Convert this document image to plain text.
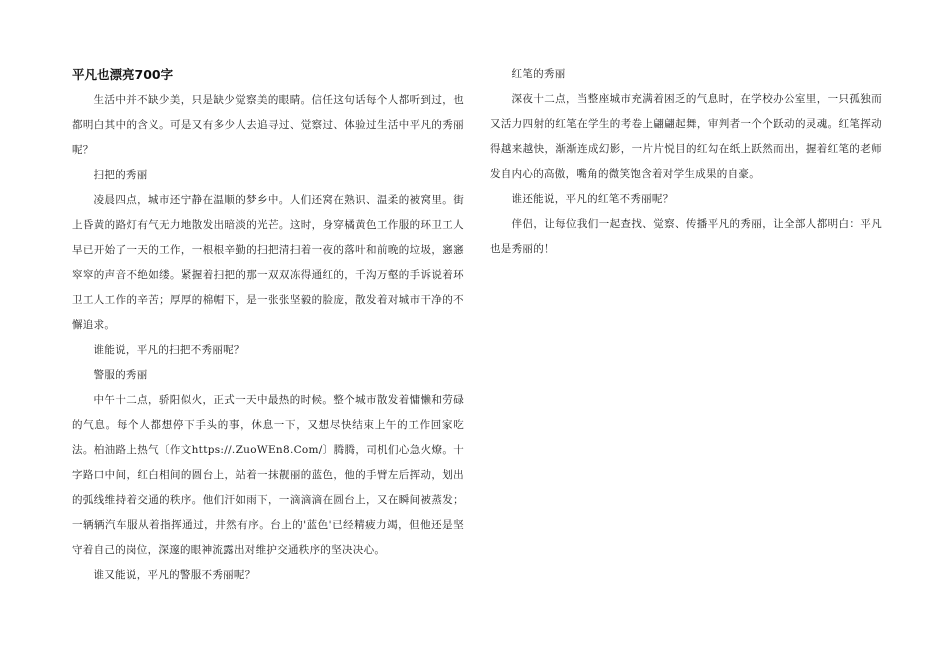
平凡也漂亮700字

生活中并不缺少美，只是缺少觉察美的眼睛。信任这句话每个人都听到过，也都明白其中的含义。可是又有多少人去追寻过、觉察过、体验过生活中平凡的秀丽呢？

扫把的秀丽

凌晨四点，城市还宁静在温顺的梦乡中。人们还窝在熟识、温柔的被窝里。街上昏黄的路灯有气无力地散发出暗淡的光芒。这时，身穿橘黄色工作服的环卫工人早已开始了一天的工作，一根根辛勤的扫把清扫着一夜的落叶和前晚的垃圾，窸窸窣窣的声音不绝如缕。紧握着扫把的那一双双冻得通红的，千沟万壑的手诉说着环卫工人工作的辛苦；厚厚的棉帽下，是一张张坚毅的脸庞，散发着对城市干净的不懈追求。

谁能说，平凡的扫把不秀丽呢？

警服的秀丽

中午十二点，骄阳似火，正式一天中最热的时候。整个城市散发着慵懒和劳碌的气息。每个人都想停下手头的事，休息一下，又想尽快结束上午的工作回家吃法。柏油路上热气〔作文https://.ZuoWEn8.Com/〕腾腾，司机们心急火燎。十字路口中间，红白相间的圆台上，站着一抹靓丽的蓝色，他的手臂左后挥动，划出的弧线维持着交通的秩序。他们汗如雨下，一滴滴滴在圆台上，又在瞬间被蒸发；一辆辆汽车服从着指挥通过，井然有序。台上的'蓝色'已经精疲力竭，但他还是坚守着自己的岗位，深邃的眼神流露出对维护交通秩序的坚决决心。

谁又能说，平凡的警服不秀丽呢？

红笔的秀丽

深夜十二点，当整座城市充满着困乏的气息时，在学校办公室里，一只孤独而又活力四射的红笔在学生的考卷上翩翩起舞，审判者一个个跃动的灵魂。红笔挥动得越来越快，渐渐连成幻影，一片片悦目的红勾在纸上跃然而出，握着红笔的老师发自内心的高傲，嘴角的微笑饱含着对学生成果的自豪。

谁还能说，平凡的红笔不秀丽呢？

伴侣，让每位我们一起查找、觉察、传播平凡的秀丽，让全部人都明白：平凡也是秀丽的！
